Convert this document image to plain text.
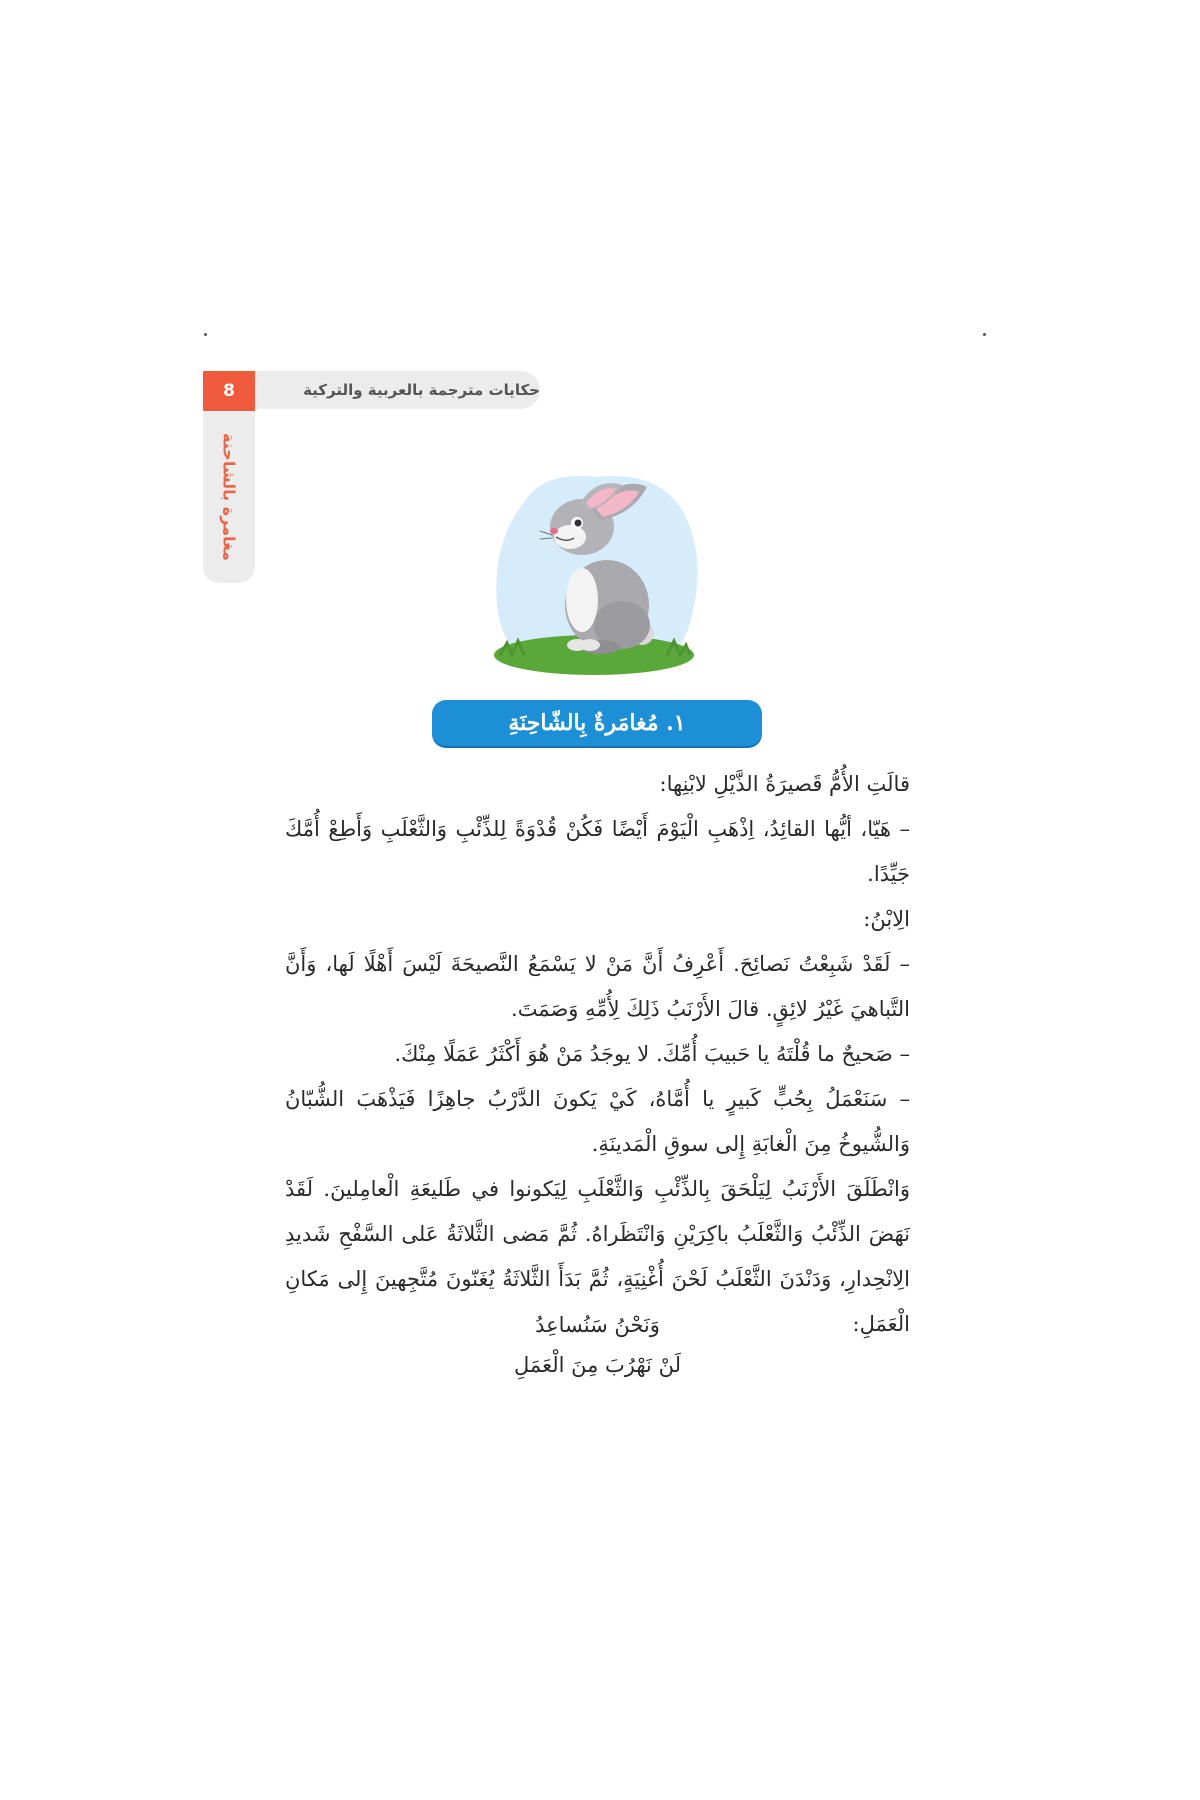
حكايات مترجمة بالعربية والتركية
8
مغامرة بالشاحنة
١. مُغامَرةٌ بِالشّاحِنَةِ

قالَتِ الأُمُّ قَصيرَةُ الذَّيْلِ لابْنِها:

– هَيّا، أيُّها القائِدُ، اِذْهَبِ الْيَوْمَ أَيْضًا فَكُنْ قُدْوَةً لِلذِّئْبِ وَالثَّعْلَبِ وَأَطِعْ أُمَّكَ جَيِّدًا.

الِابْنُ:

– لَقَدْ شَبِعْتُ نَصائِحَ. أَعْرِفُ أَنَّ مَنْ لا يَسْمَعُ النَّصيحَةَ لَيْسَ أَهْلًا لَها، وَأَنَّ التَّباهيَ غَيْرُ لائِقٍ. قالَ الأَرْنَبُ ذَلِكَ لِأُمِّهِ وَصَمَتَ.

– صَحيحٌ ما قُلْتَهُ يا حَبيبَ أُمِّكَ. لا يوجَدُ مَنْ هُوَ أَكْثَرُ عَمَلًا مِنْكَ.

– سَنَعْمَلُ بِحُبٍّ كَبيرٍ يا أُمَّاهُ، كَيْ يَكونَ الدَّرْبُ جاهِزًا فَيَذْهَبَ الشُّبّانُ وَالشُّيوخُ مِنَ الْغابَةِ إِلى سوقِ الْمَدينَةِ.

وَانْطَلَقَ الأَرْنَبُ لِيَلْحَقَ بِالذِّئْبِ وَالثَّعْلَبِ لِيَكونوا في طَليعَةِ الْعامِلينَ. لَقَدْ نَهَضَ الذِّئْبُ وَالثَّعْلَبُ باكِرَيْنِ وَانْتَظَراهُ. ثُمَّ مَضى الثَّلاثَةُ عَلى السَّفْحِ شَديدِ الِانْحِدارِ، وَدَنْدَنَ الثَّعْلَبُ لَحْنَ أُغْنِيَةٍ، ثُمَّ بَدَأَ الثَّلاثَةُ يُغَنّونَ مُتَّجِهينَ إِلى مَكانِ الْعَمَلِ:

وَنَحْنُ سَنُساعِدُ

لَنْ نَهْرُبَ مِنَ الْعَمَلِ
